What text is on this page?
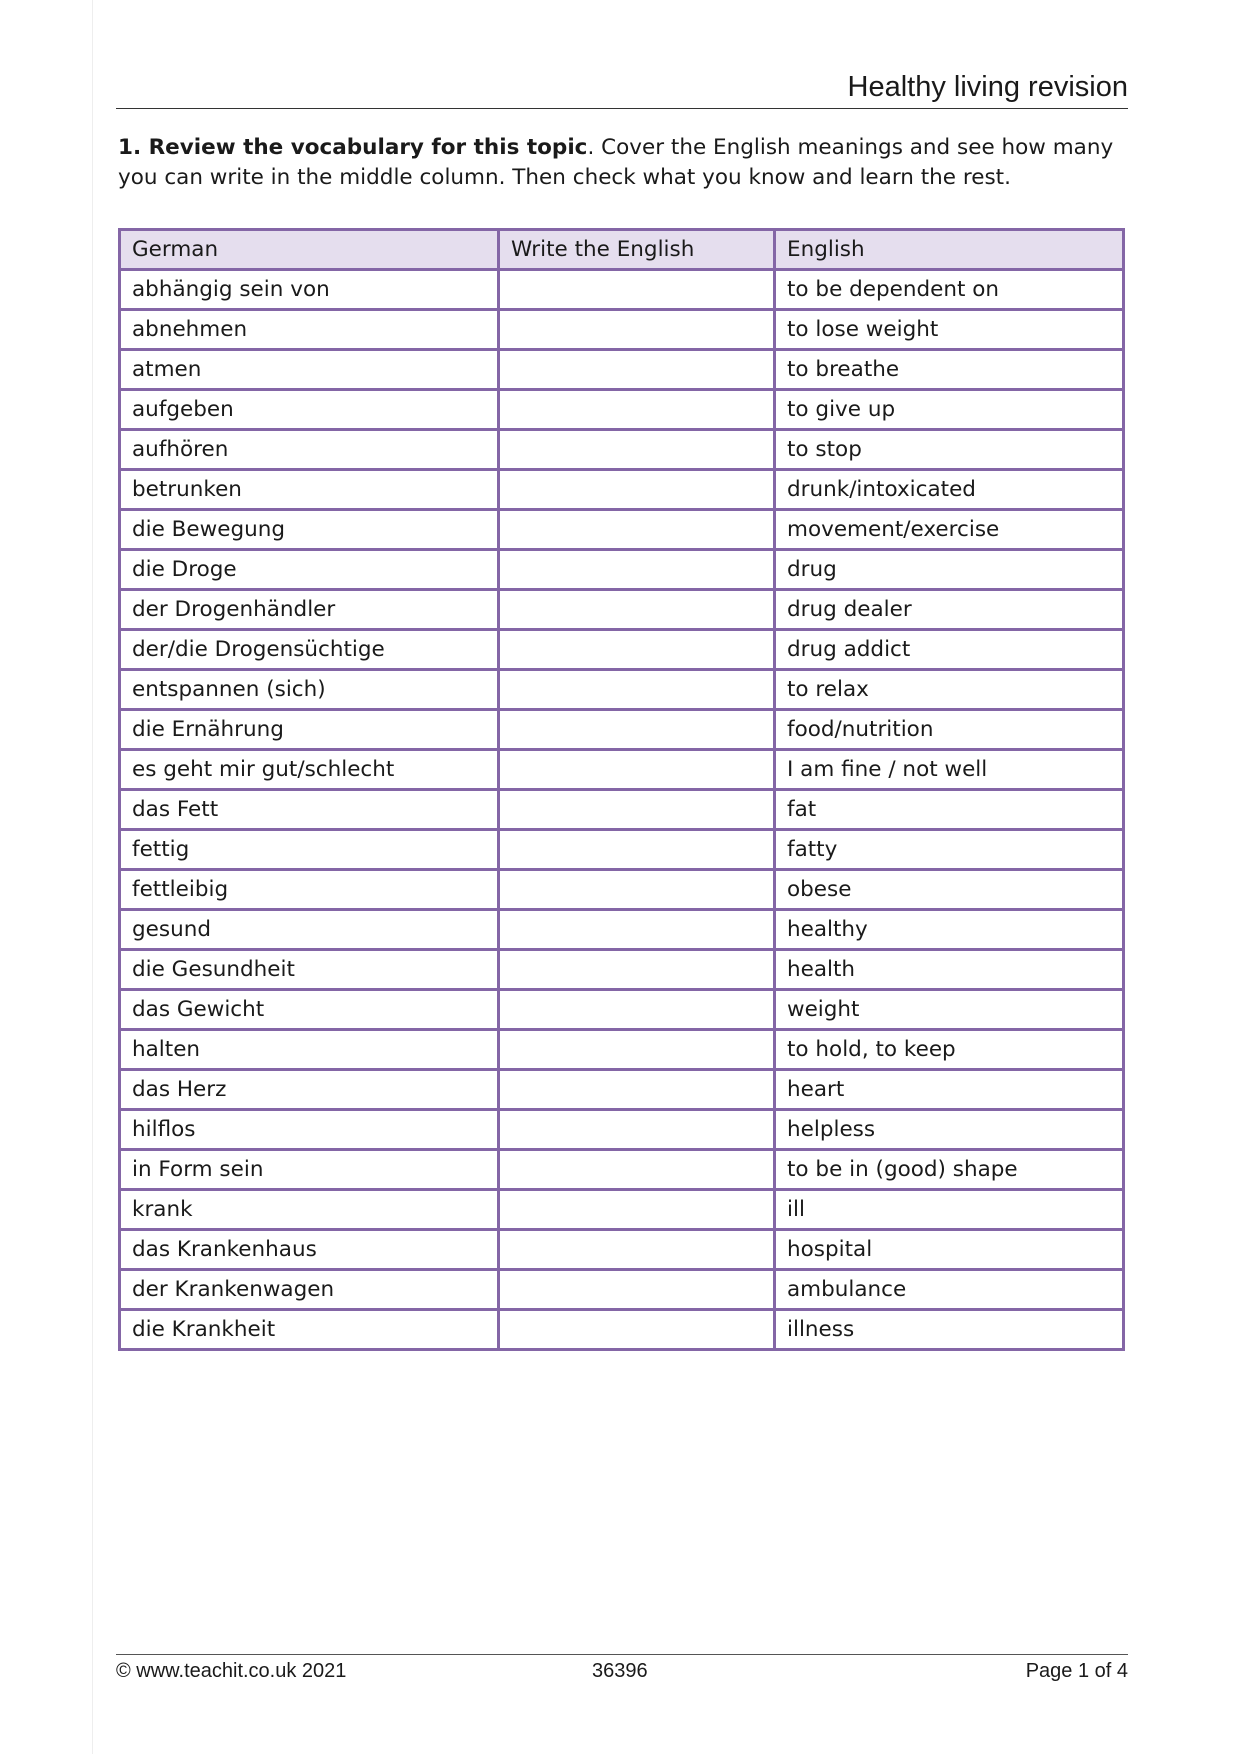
Healthy living revision
1. Review the vocabulary for this topic. Cover the English meanings and see how many you can write in the middle column. Then check what you know and learn the rest.
German	Write the English	English
abhängig sein von		to be dependent on
abnehmen		to lose weight
atmen		to breathe
aufgeben		to give up
aufhören		to stop
betrunken		drunk/intoxicated
die Bewegung		movement/exercise
die Droge		drug
der Drogenhändler		drug dealer
der/die Drogensüchtige		drug addict
entspannen (sich)		to relax
die Ernährung		food/nutrition
es geht mir gut/schlecht		I am fine / not well
das Fett		fat
fettig		fatty
fettleibig		obese
gesund		healthy
die Gesundheit		health
das Gewicht		weight
halten		to hold, to keep
das Herz		heart
hilflos		helpless
in Form sein		to be in (good) shape
krank		ill
das Krankenhaus		hospital
der Krankenwagen		ambulance
die Krankheit		illness
© www.teachit.co.uk 2021	36396	Page 1 of 4
